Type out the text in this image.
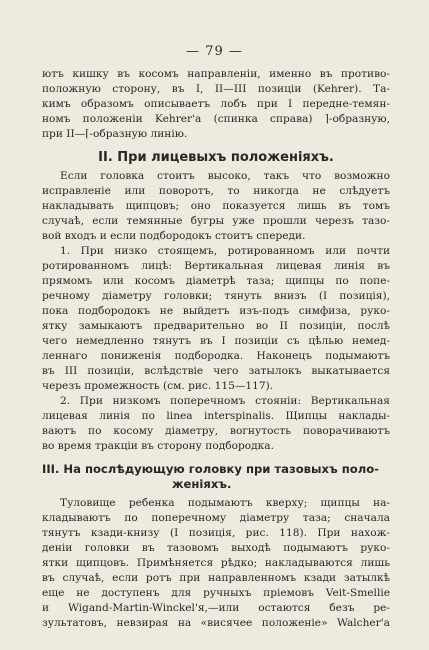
— 79 —
ютъ кишку въ косомъ направленіи, именно въ противо-
положную сторону, въ I, II—III позиціи (Kehrer). Та-
кимъ образомъ описываетъ лобъ при I передне-темян-
номъ положеніи Kehrer'а (спинка справа) ⌉-образную,
при II—⌈-образную линію.
II. При лицевыхъ положеніяхъ.
Если головка стоитъ высоко, такъ что возможно
исправленіе или поворотъ, то никогда не слѣдуетъ
накладывать щипцовъ; оно показуется лишь въ томъ
случаѣ, если темянные бугры уже прошли черезъ тазо-
вой входъ и если подбородокъ стоитъ спереди.
1. При низко стоящемъ, ротированномъ или почти
ротированномъ лицѣ: Вертикальная лицевая линія въ
прямомъ или косомъ діаметрѣ таза; щипцы по попе-
речному діаметру головки; тянуть внизъ (I позиція),
пока подбородокъ не выйдетъ изъ-подъ симфиза, руко-
ятку замыкаютъ предварительно во II позиціи, послѣ
чего немедленно тянутъ въ I позиціи съ цѣлью немед-
леннаго пониженія подбородка. Наконецъ подымаютъ
въ III позиціи, вслѣдствіе чего затылокъ выкатывается
черезъ промежность (см. рис. 115—117).
2. При низкомъ поперечномъ стояніи: Вертикальная
лицевая линія по linea interspinalis. Щипцы наклады-
ваютъ по косому діаметру, вогнутость поворачиваютъ
во время тракціи въ сторону подбородка.
III. На послѣдующую головку при тазовыхъ поло-
женіяхъ.
Туловище ребенка подымаютъ кверху; щипцы на-
кладываютъ по поперечному діаметру таза; сначала
тянутъ кзади-книзу (I позиція, рис. 118). При нахож-
деніи головки въ тазовомъ выходѣ подымаютъ руко-
ятки щипцовъ. Примѣняется рѣдко; накладываются лишь
въ случаѣ, если ротъ при направленномъ кзади затылкѣ
еще не доступенъ для ручныхъ пріемовъ Veit-Smellie
и Wigand-Martin-Winckel'я,—или остаются безъ ре-
зультатовъ, невзирая на «висячее положеніе» Walcher'а
